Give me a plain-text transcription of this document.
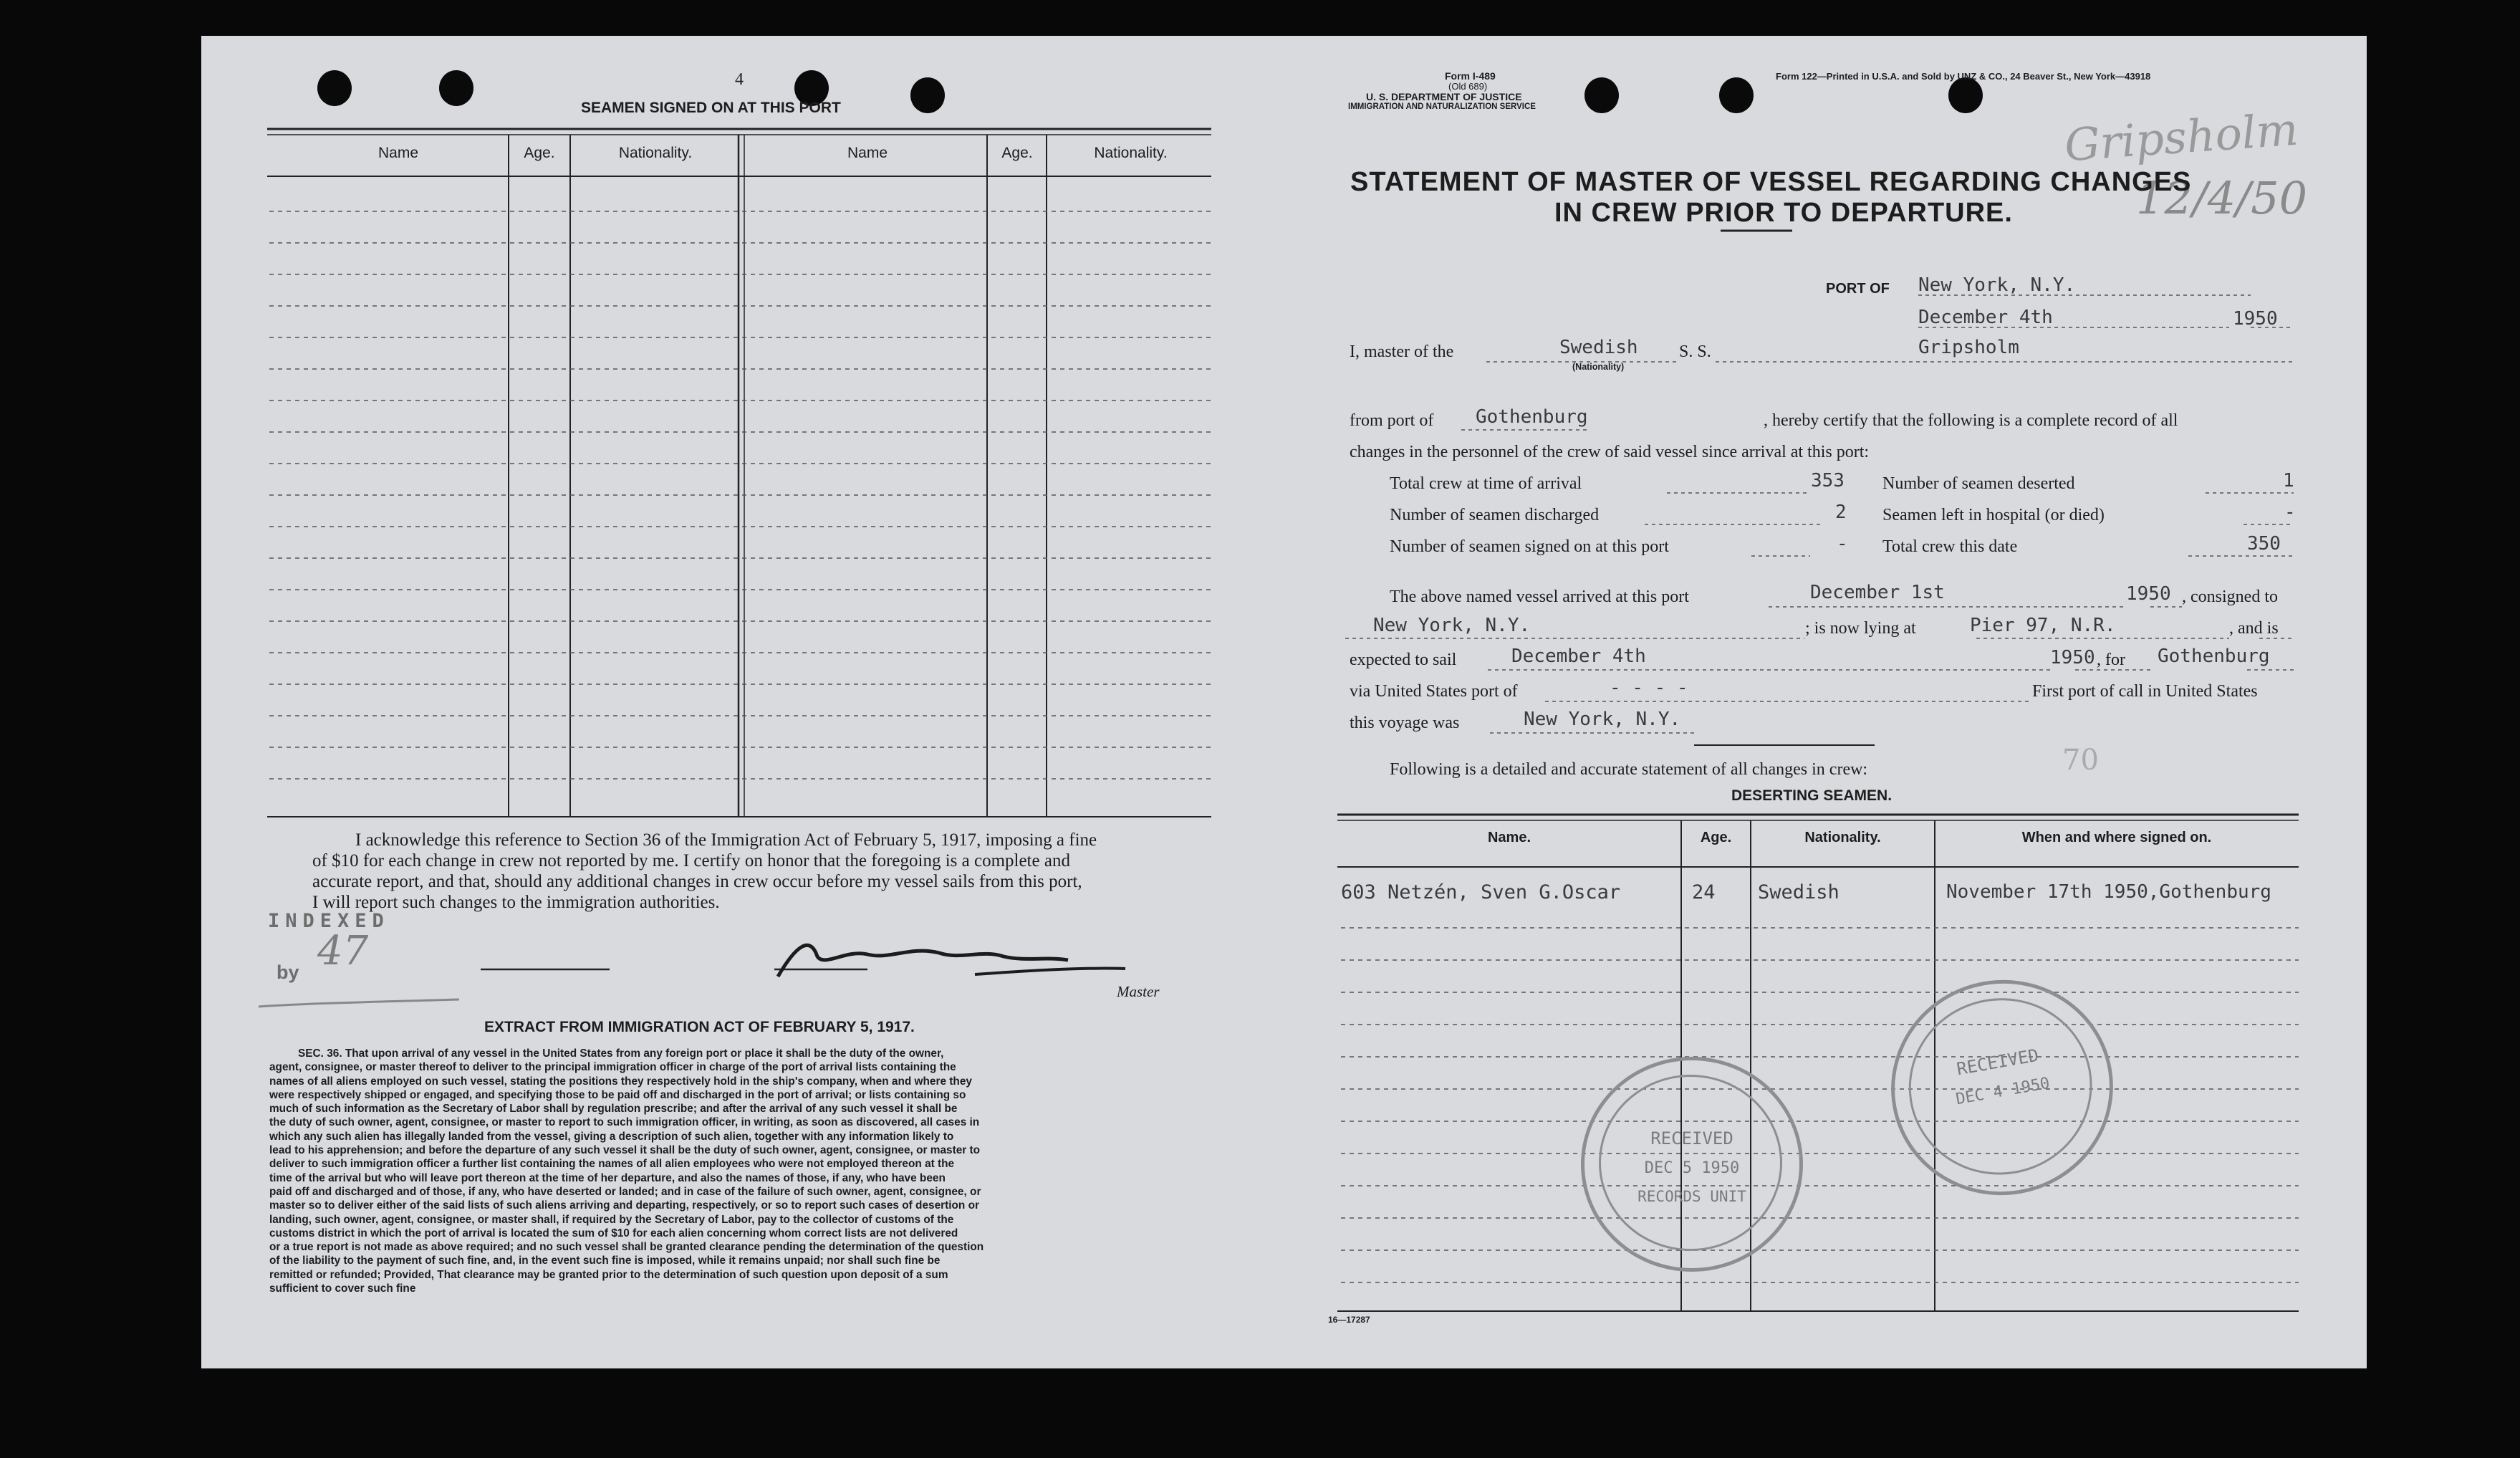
4
SEAMEN SIGNED ON AT THIS PORT
Name	Age.	Nationality.	Name	Age.	Nationality.
I acknowledge this reference to Section 36 of the Immigration Act of February 5, 1917, imposing a fine
of $10 for each change in crew not reported by me. I certify on honor that the foregoing is a complete and
accurate report, and that, should any additional changes in crew occur before my vessel sails from this port,
I will report such changes to the immigration authorities.
INDEXED
by 47
Master
EXTRACT FROM IMMIGRATION ACT OF FEBRUARY 5, 1917.
SEC. 36. That upon arrival of any vessel in the United States from any foreign port or place it shall be the duty of the owner,
agent, consignee, or master thereof to deliver to the principal immigration officer in charge of the port of arrival lists containing the
names of all aliens employed on such vessel, stating the positions they respectively hold in the ship's company, when and where they
were respectively shipped or engaged, and specifying those to be paid off and discharged in the port of arrival; or lists containing so
much of such information as the Secretary of Labor shall by regulation prescribe; and after the arrival of any such vessel it shall be
the duty of such owner, agent, consignee, or master to report to such immigration officer, in writing, as soon as discovered, all cases in
which any such alien has illegally landed from the vessel, giving a description of such alien, together with any information likely to
lead to his apprehension; and before the departure of any such vessel it shall be the duty of such owner, agent, consignee, or master to
deliver to such immigration officer a further list containing the names of all alien employees who were not employed thereon at the
time of the arrival but who will leave port thereon at the time of her departure, and also the names of those, if any, who have been
paid off and discharged and of those, if any, who have deserted or landed; and in case of the failure of such owner, agent, consignee, or
master so to deliver either of the said lists of such aliens arriving and departing, respectively, or so to report such cases of desertion or
landing, such owner, agent, consignee, or master shall, if required by the Secretary of Labor, pay to the collector of customs of the
customs district in which the port of arrival is located the sum of $10 for each alien concerning whom correct lists are not delivered
or a true report is not made as above required; and no such vessel shall be granted clearance pending the determination of the question
of the liability to the payment of such fine, and, in the event such fine is imposed, while it remains unpaid; nor shall such fine be
remitted or refunded; Provided, That clearance may be granted prior to the determination of such question upon deposit of a sum
sufficient to cover such fine
Form I-489
(Old 689)
U. S. DEPARTMENT OF JUSTICE
IMMIGRATION AND NATURALIZATION SERVICE
Form 122—Printed in U.S.A. and Sold by UNZ & CO., 24 Beaver St., New York—43918
Gripsholm
12/4/50
STATEMENT OF MASTER OF VESSEL REGARDING CHANGES
IN CREW PRIOR TO DEPARTURE.
PORT OF New York, N.Y.
December 4th	1950
I, master of the	Swedish
(Nationality)
S. S.	Gripsholm
from port of Gothenburg	, hereby certify that the following is a complete record of all
changes in the personnel of the crew of said vessel since arrival at this port:
Total crew at time of arrival	353 Number of seamen deserted	1
Number of seamen discharged	2 Seamen left in hospital (or died)	-
Number of seamen signed on at this port	- Total crew this date	350
The above named vessel arrived at this port	December 1st	1950 , consigned to
New York, N.Y.	; is now lying at	Pier 97, N.R.	, and is
expected to sail	December 4th	1950 , for Gothenburg
via United States port of	- - - -	First port of call in United States
this voyage was	New York, N.Y.
Following is a detailed and accurate statement of all changes in crew:	70
DESERTING SEAMEN.
Name.	Age.	Nationality.	When and where signed on.
603 Netzén, Sven G.Oscar	24	Swedish	November 17th 1950,Gothenburg
RECEIVED
DEC 5 1950
RECORDS UNIT
RECEIVED
DEC 4 1950
16—17287
